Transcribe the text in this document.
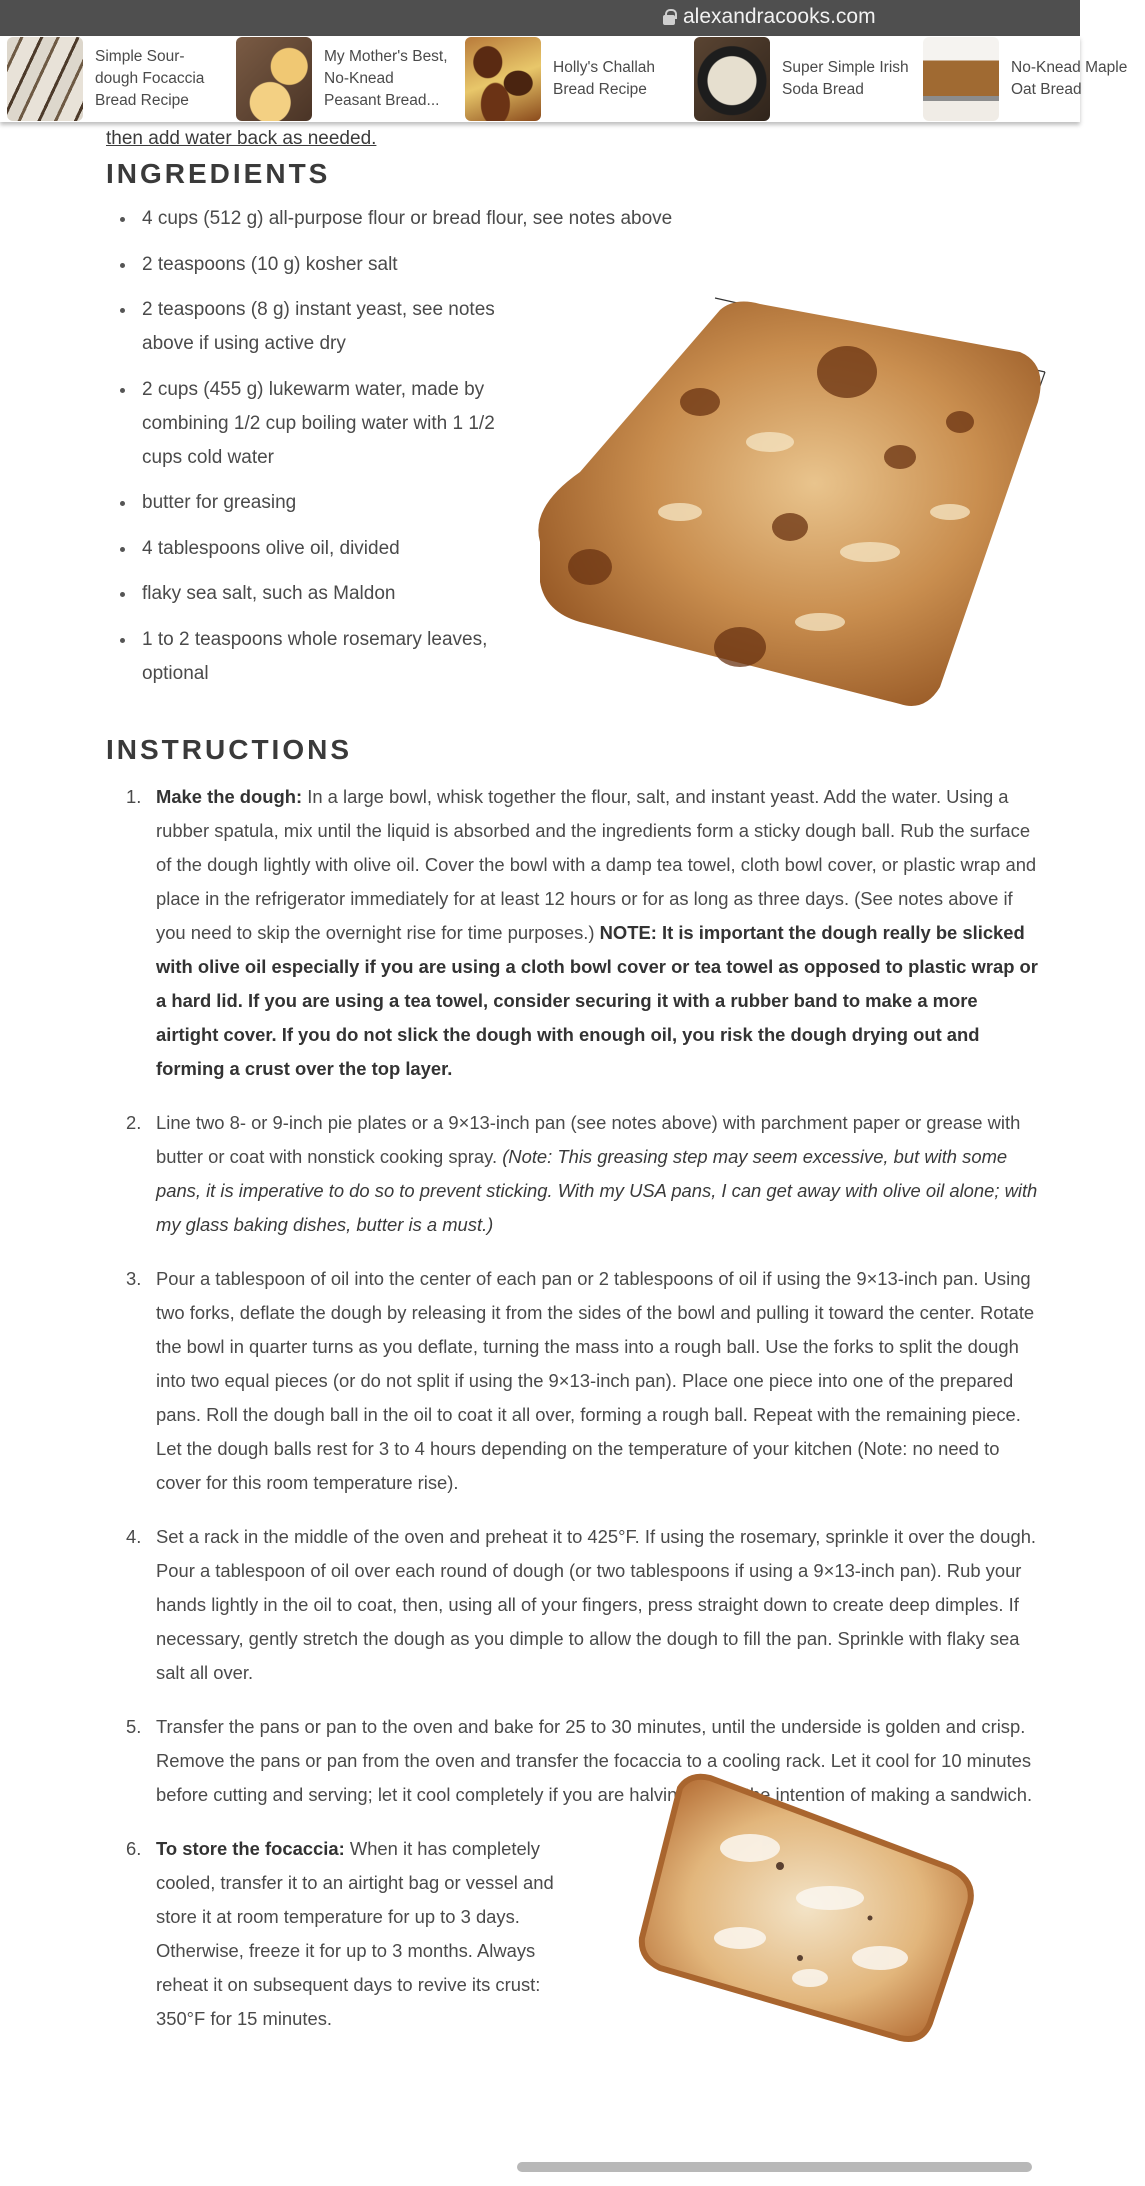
alexandracooks.com
Simple Sour-dough Focaccia Bread Recipe
My Mother's Best, No-Knead Peasant Bread...
Holly's Challah Bread Recipe
Super Simple Irish Soda Bread
No-Knead Maple Oat Bread
then add water back as needed.
INGREDIENTS
4 cups (512 g) all-purpose flour or bread flour, see notes above
2 teaspoons (10 g) kosher salt
2 teaspoons (8 g) instant yeast, see notes above if using active dry
2 cups (455 g) lukewarm water, made by combining 1/2 cup boiling water with 1 1/2 cups cold water
butter for greasing
4 tablespoons olive oil, divided
flaky sea salt, such as Maldon
1 to 2 teaspoons whole rosemary leaves, optional
INSTRUCTIONS
1. Make the dough: In a large bowl, whisk together the flour, salt, and instant yeast. Add the water. Using a rubber spatula, mix until the liquid is absorbed and the ingredients form a sticky dough ball. Rub the surface of the dough lightly with olive oil. Cover the bowl with a damp tea towel, cloth bowl cover, or plastic wrap and place in the refrigerator immediately for at least 12 hours or for as long as three days. (See notes above if you need to skip the overnight rise for time purposes.) NOTE: It is important the dough really be slicked with olive oil especially if you are using a cloth bowl cover or tea towel as opposed to plastic wrap or a hard lid. If you are using a tea towel, consider securing it with a rubber band to make a more airtight cover. If you do not slick the dough with enough oil, you risk the dough drying out and forming a crust over the top layer.
2. Line two 8- or 9-inch pie plates or a 9×13-inch pan (see notes above) with parchment paper or grease with butter or coat with nonstick cooking spray. (Note: This greasing step may seem excessive, but with some pans, it is imperative to do so to prevent sticking. With my USA pans, I can get away with olive oil alone; with my glass baking dishes, butter is a must.)
3. Pour a tablespoon of oil into the center of each pan or 2 tablespoons of oil if using the 9×13-inch pan. Using two forks, deflate the dough by releasing it from the sides of the bowl and pulling it toward the center. Rotate the bowl in quarter turns as you deflate, turning the mass into a rough ball. Use the forks to split the dough into two equal pieces (or do not split if using the 9×13-inch pan). Place one piece into one of the prepared pans. Roll the dough ball in the oil to coat it all over, forming a rough ball. Repeat with the remaining piece. Let the dough balls rest for 3 to 4 hours depending on the temperature of your kitchen (Note: no need to cover for this room temperature rise).
4. Set a rack in the middle of the oven and preheat it to 425°F. If using the rosemary, sprinkle it over the dough. Pour a tablespoon of oil over each round of dough (or two tablespoons if using a 9×13-inch pan). Rub your hands lightly in the oil to coat, then, using all of your fingers, press straight down to create deep dimples. If necessary, gently stretch the dough as you dimple to allow the dough to fill the pan. Sprinkle with flaky sea salt all over.
5. Transfer the pans or pan to the oven and bake for 25 to 30 minutes, until the underside is golden and crisp. Remove the pans or pan from the oven and transfer the focaccia to a cooling rack. Let it cool for 10 minutes before cutting and serving; let it cool completely if you are halving it with the intention of making a sandwich.
6. To store the focaccia: When it has completely cooled, transfer it to an airtight bag or vessel and store it at room temperature for up to 3 days. Otherwise, freeze it for up to 3 months. Always reheat it on subsequent days to revive its crust: 350°F for 15 minutes.
